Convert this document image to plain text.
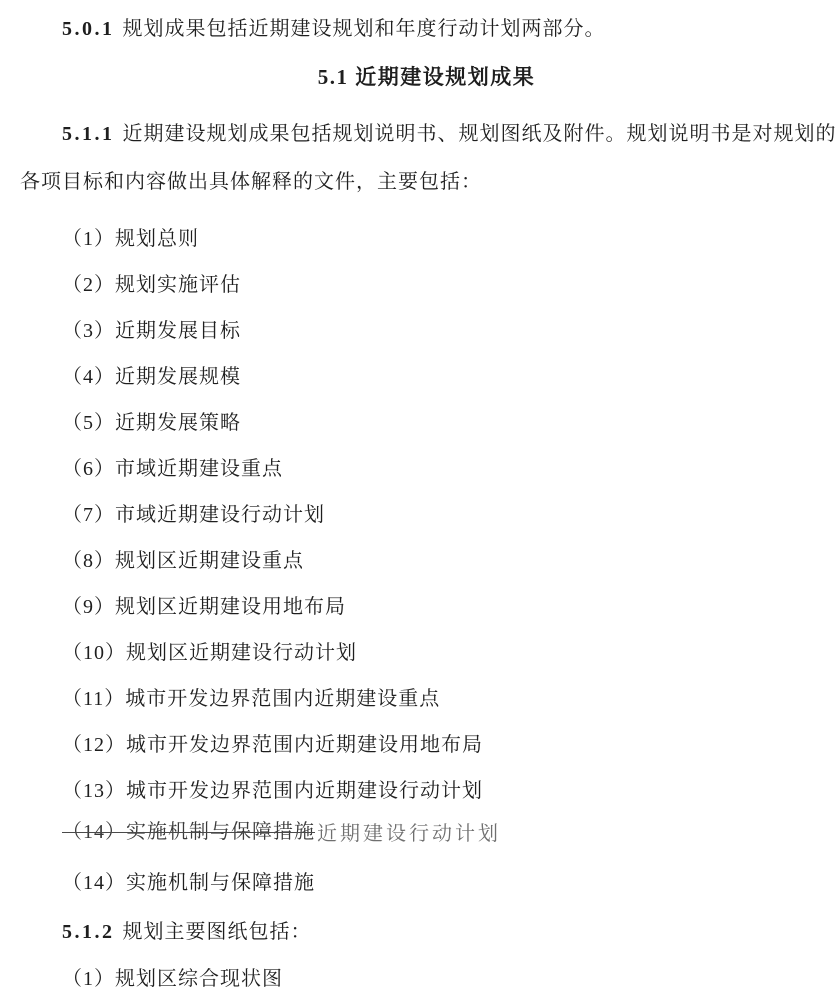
5.0.1 规划成果包括近期建设规划和年度行动计划两部分。

5.1 近期建设规划成果

5.1.1 近期建设规划成果包括规划说明书、规划图纸及附件。规划说明书是对规划的

各项目标和内容做出具体解释的文件，主要包括：

（1）规划总则

（2）规划实施评估

（3）近期发展目标

（4）近期发展规模

（5）近期发展策略

（6）市域近期建设重点

（7）市域近期建设行动计划

（8）规划区近期建设重点

（9）规划区近期建设用地布局

（10）规划区近期建设行动计划

（11）城市开发边界范围内近期建设重点

（12）城市开发边界范围内近期建设用地布局

（13）城市开发边界范围内近期建设行动计划

（14）实施机制与保障措施 近期建设行动计划

（14）实施机制与保障措施

5.1.2 规划主要图纸包括：

（1）规划区综合现状图
